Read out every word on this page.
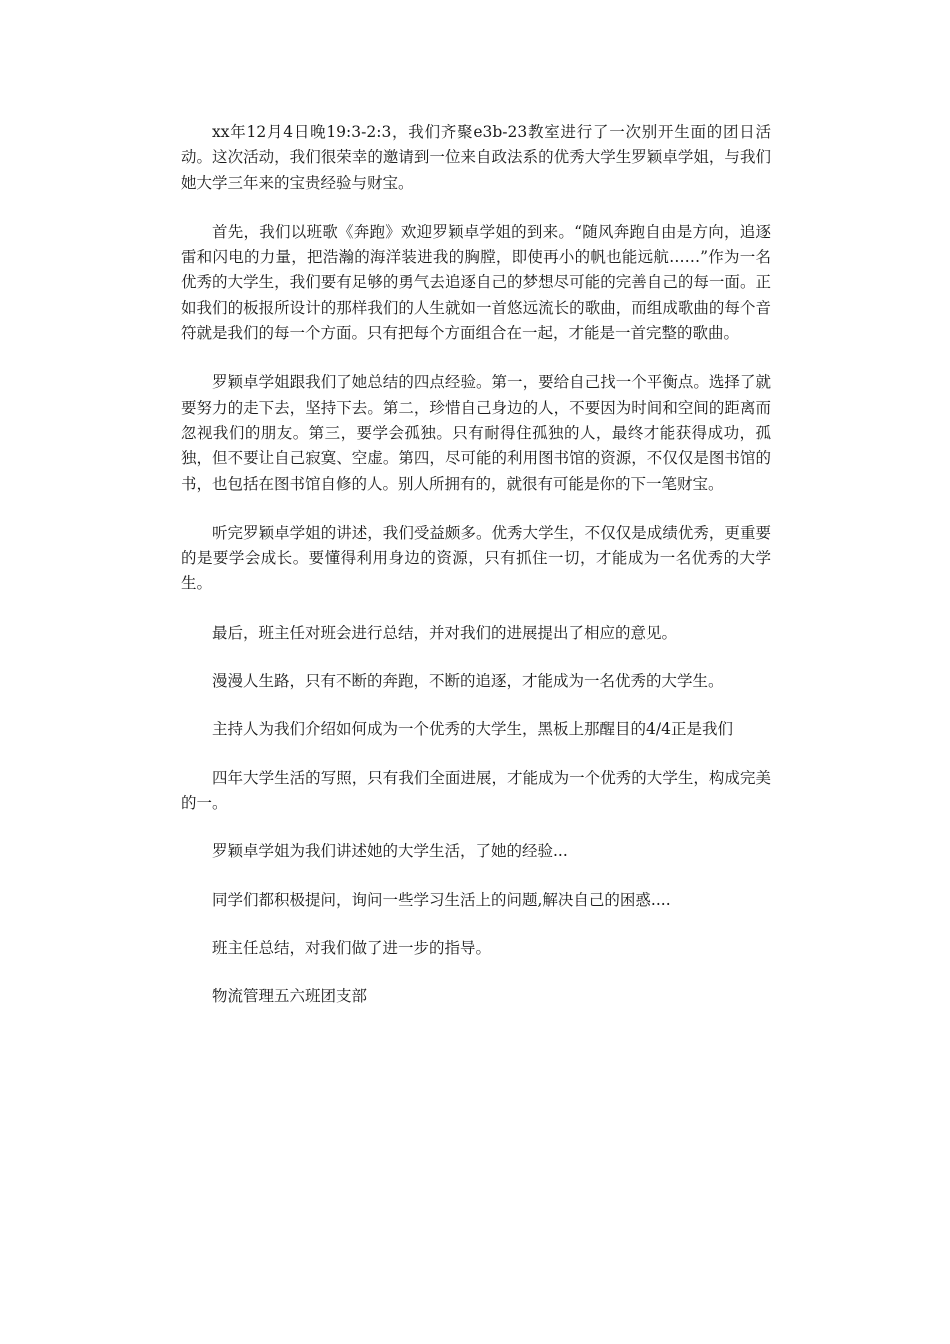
xx年12月4日晚19:3-2:3，我们齐聚e3b-23教室进行了一次别开生面的团日活动。这次活动，我们很荣幸的邀请到一位来自政法系的优秀大学生罗颖卓学姐，与我们她大学三年来的宝贵经验与财宝。

首先，我们以班歌《奔跑》欢迎罗颖卓学姐的到来。“随风奔跑自由是方向，追逐雷和闪电的力量，把浩瀚的海洋装进我的胸膛，即使再小的帆也能远航……”作为一名优秀的大学生，我们要有足够的勇气去追逐自己的梦想尽可能的完善自己的每一面。正如我们的板报所设计的那样我们的人生就如一首悠远流长的歌曲，而组成歌曲的每个音符就是我们的每一个方面。只有把每个方面组合在一起，才能是一首完整的歌曲。

罗颖卓学姐跟我们了她总结的四点经验。第一，要给自己找一个平衡点。选择了就要努力的走下去，坚持下去。第二，珍惜自己身边的人，不要因为时间和空间的距离而忽视我们的朋友。第三，要学会孤独。只有耐得住孤独的人，最终才能获得成功，孤独，但不要让自己寂寞、空虚。第四，尽可能的利用图书馆的资源，不仅仅是图书馆的书，也包括在图书馆自修的人。别人所拥有的，就很有可能是你的下一笔财宝。

听完罗颖卓学姐的讲述，我们受益颇多。优秀大学生，不仅仅是成绩优秀，更重要的是要学会成长。要懂得利用身边的资源，只有抓住一切，才能成为一名优秀的大学生。

最后，班主任对班会进行总结，并对我们的进展提出了相应的意见。

漫漫人生路，只有不断的奔跑，不断的追逐，才能成为一名优秀的大学生。

主持人为我们介绍如何成为一个优秀的大学生，黑板上那醒目的4/4正是我们

四年大学生活的写照，只有我们全面进展，才能成为一个优秀的大学生，构成完美的一。

罗颖卓学姐为我们讲述她的大学生活，了她的经验...

同学们都积极提问，询问一些学习生活上的问题,解决自己的困惑....

班主任总结，对我们做了进一步的指导。

物流管理五六班团支部
